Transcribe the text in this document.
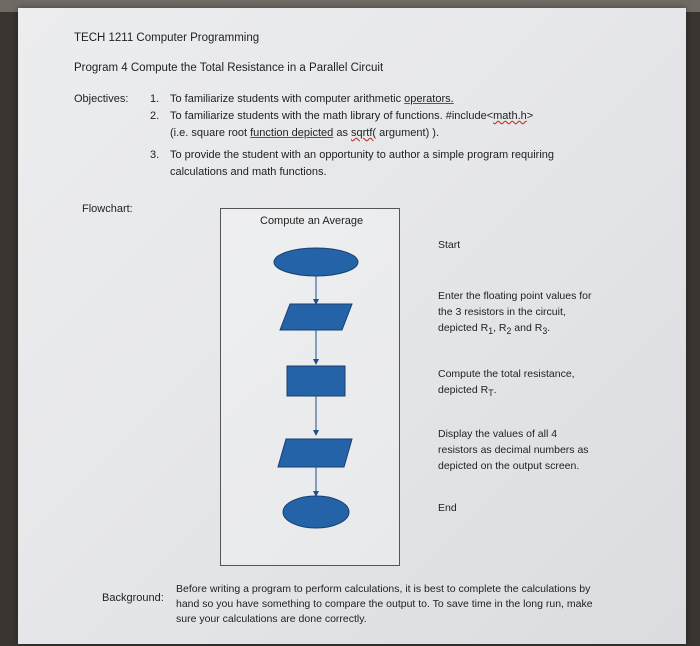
TECH 1211 Computer Programming
Program 4 Compute the Total Resistance in a Parallel Circuit
Objectives: 1. To familiarize students with computer arithmetic operators.
2. To familiarize students with the math library of functions. #include<math.h>
(i.e. square root function depicted as sqrtf( argument) ).
3. To provide the student with an opportunity to author a simple program requiring
calculations and math functions.
Flowchart:
Compute an Average
Start
Enter the floating point values for the 3 resistors in the circuit, depicted $R_1$, $R_2$ and $R_3$.
Compute the total resistance, depicted $R_T$.
Display the values of all 4 resistors as decimal numbers as depicted on the output screen.
End
Background:
Before writing a program to perform calculations, it is best to complete the calculations by hand so you have something to compare the output to. To save time in the long run, make sure your calculations are done correctly.
